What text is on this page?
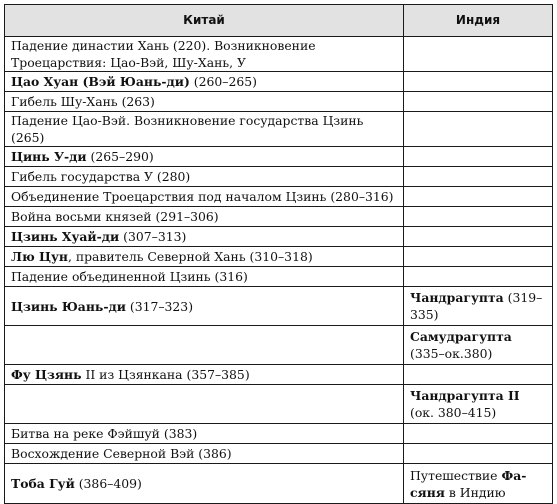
Китай	Индия
Падение династии Хань (220). Возникновение Троецарствия: Цао-Вэй, Шу-Хань, У	
Цао Хуан (Вэй Юань-ди) (260–265)	
Гибель Шу-Хань (263)	
Падение Цао-Вэй. Возникновение государства Цзинь (265)	
Цинь У-ди (265–290)	
Гибель государства У (280)	
Объединение Троецарствия под началом Цзинь (280–316)	
Война восьми князей (291–306)	
Цзинь Хуай-ди (307–313)	
Лю Цун, правитель Северной Хань (310–318)	
Падение объединенной Цзинь (316)	
Цзинь Юань-ди (317–323)	Чандрагупта (319–335)
	Самудрагупта (335–ок.380)
Фу Цзянь II из Цзянкана (357–385)	
	Чандрагупта II (ок. 380–415)
Битва на реке Фэйшуй (383)	
Восхождение Северной Вэй (386)	
Тоба Гуй (386–409)	Путешествие Фа-сяня в Индию
